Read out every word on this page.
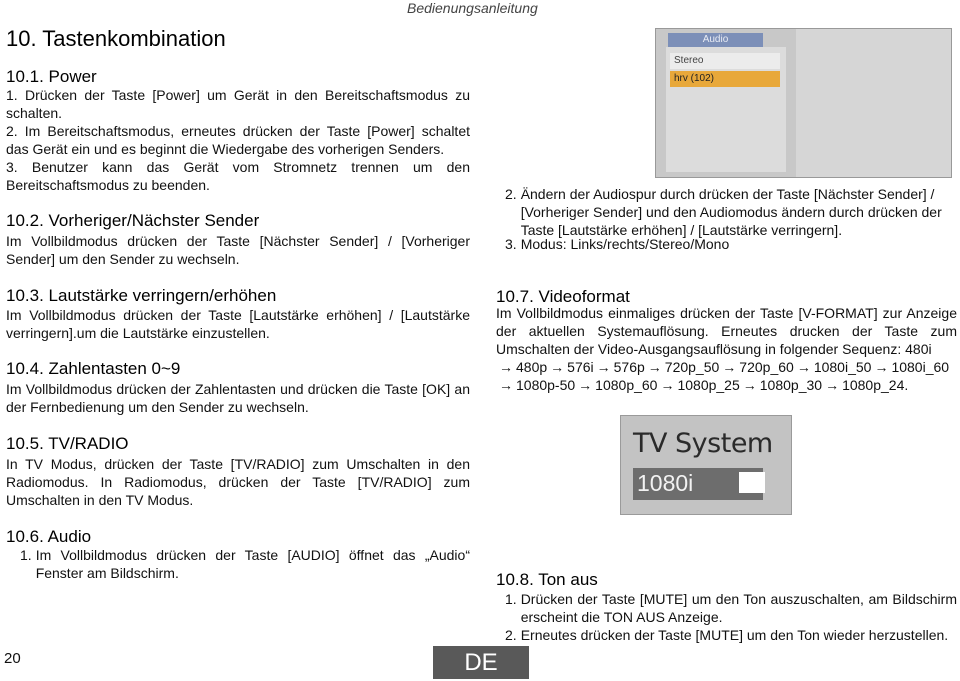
Bedienungsanleitung
10. Tastenkombination
10.1. Power
1. Drücken der Taste [Power] um Gerät in den Bereitschaftsmodus zu schalten.
2. Im Bereitschaftsmodus, erneutes drücken der Taste [Power] schaltet das Gerät ein und es beginnt die Wiedergabe des vorherigen Senders.
3. Benutzer kann das Gerät vom Stromnetz trennen um den Bereitschaftsmodus zu beenden.
10.2. Vorheriger/Nächster Sender
Im Vollbildmodus drücken der Taste [Nächster Sender] / [Vorheriger Sender] um den Sender zu wechseln.
10.3. Lautstärke verringern/erhöhen
Im Vollbildmodus drücken der Taste [Lautstärke erhöhen] / [Lautstärke verringern].um die Lautstärke einzustellen.
10.4. Zahlentasten 0~9
Im Vollbildmodus drücken der Zahlentasten und drücken die Taste [OK] an der Fernbedienung um den Sender zu wechseln.
10.5. TV/RADIO
In TV Modus, drücken der Taste [TV/RADIO] zum Umschalten in den Radiomodus. In Radiomodus, drücken der Taste [TV/RADIO] zum Umschalten in den TV Modus.
10.6. Audio
1. Im Vollbildmodus drücken der Taste [AUDIO] öffnet das „Audio“ Fenster am Bildschirm.
20	DE
Audio
Stereo
hrv (102)
2. Ändern der Audiospur durch drücken der Taste [Nächster Sender] / [Vorheriger Sender] und den Audiomodus ändern durch drücken der Taste [Lautstärke erhöhen] / [Lautstärke verringern].
3. Modus: Links/rechts/Stereo/Mono
10.7. Videoformat
Im Vollbildmodus einmaliges drücken der Taste [V-FORMAT] zur Anzeige der aktuellen Systemauflösung. Erneutes drucken der Taste zum Umschalten der Video-Ausgangsauflösung in folgender Sequenz: 480i
→ 480p → 576i → 576p → 720p_50 → 720p_60 → 1080i_50 → 1080i_60
→ 1080p-50 → 1080p_60 → 1080p_25 → 1080p_30 → 1080p_24.
TV System
1080i
10.8. Ton aus
1. Drücken der Taste [MUTE] um den Ton auszuschalten, am Bildschirm erscheint die TON AUS Anzeige.
2. Erneutes drücken der Taste [MUTE] um den Ton wieder herzustellen.
